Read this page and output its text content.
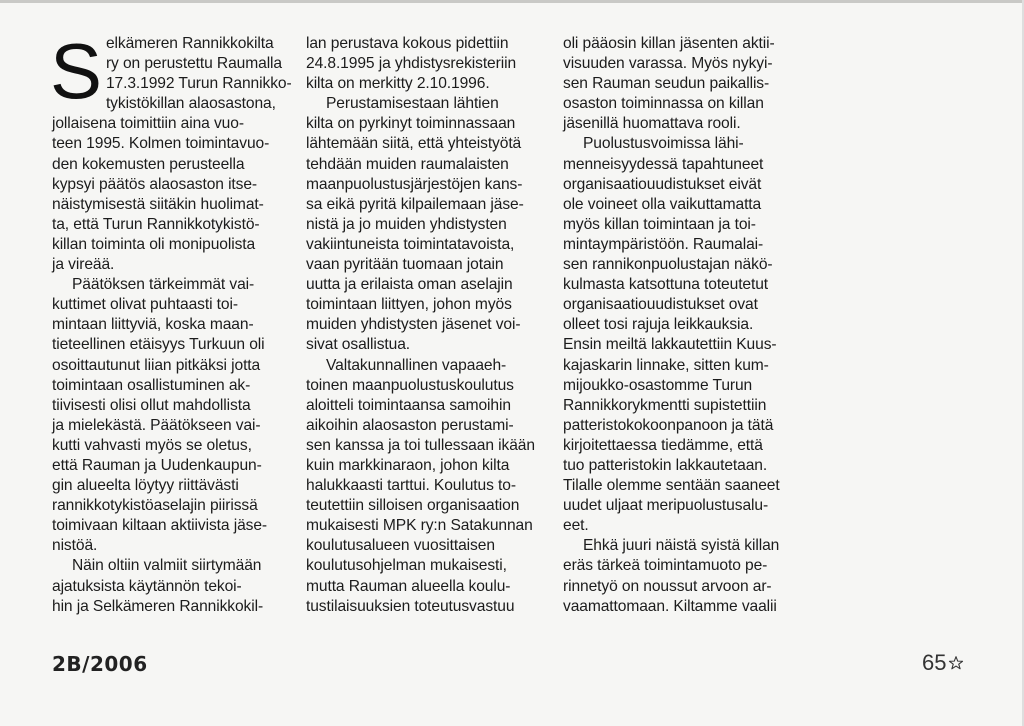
S elkämeren Rannikkokilta
ry on perustettu Raumalla
17.3.1992 Turun Rannikko-
tykistökillan alaosastona,
jollaisena toimittiin aina vuo-
teen 1995. Kolmen toimintavuo-
den kokemusten perusteella
kypsyi päätös alaosaston itse-
näistymisestä siitäkin huolimat-
ta, että Turun Rannikkotykistö-
killan toiminta oli monipuolista
ja vireää.
Päätöksen tärkeimmät vai-
kuttimet olivat puhtaasti toi-
mintaan liittyviä, koska maan-
tieteellinen etäisyys Turkuun oli
osoittautunut liian pitkäksi jotta
toimintaan osallistuminen ak-
tiivisesti olisi ollut mahdollista
ja mielekästä. Päätökseen vai-
kutti vahvasti myös se oletus,
että Rauman ja Uudenkaupun-
gin alueelta löytyy riittävästi
rannikkotykistöaselajin piirissä
toimivaan kiltaan aktiivista jäse-
nistöä.
Näin oltiin valmiit siirtymään
ajatuksista käytännön tekoi-
hin ja Selkämeren Rannikkokil-
lan perustava kokous pidettiin
24.8.1995 ja yhdistysrekisteriin
kilta on merkitty 2.10.1996.
Perustamisestaan lähtien
kilta on pyrkinyt toiminnassaan
lähtemään siitä, että yhteistyötä
tehdään muiden raumalaisten
maanpuolustusjärjestöjen kans-
sa eikä pyritä kilpailemaan jäse-
nistä ja jo muiden yhdistysten
vakiintuneista toimintatavoista,
vaan pyritään tuomaan jotain
uutta ja erilaista oman aselajin
toimintaan liittyen, johon myös
muiden yhdistysten jäsenet voi-
sivat osallistua.
Valtakunnallinen vapaaeh-
toinen maanpuolustuskoulutus
aloitteli toimintaansa samoihin
aikoihin alaosaston perustami-
sen kanssa ja toi tullessaan ikään
kuin markkinaraon, johon kilta
halukkaasti tarttui. Koulutus to-
teutettiin silloisen organisaation
mukaisesti MPK ry:n Satakunnan
koulutusalueen vuosittaisen
koulutusohjelman mukaisesti,
mutta Rauman alueella koulu-
tustilaisuuksien toteutusvastuu
oli pääosin killan jäsenten aktii-
visuuden varassa. Myös nykyi-
sen Rauman seudun paikallis-
osaston toiminnassa on killan
jäsenillä huomattava rooli.
Puolustusvoimissa lähi-
menneisyydessä tapahtuneet
organisaatiouudistukset eivät
ole voineet olla vaikuttamatta
myös killan toimintaan ja toi-
mintaympäristöön. Raumalai-
sen rannikonpuolustajan näkö-
kulmasta katsottuna toteutetut
organisaatiouudistukset ovat
olleet tosi rajuja leikkauksia.
Ensin meiltä lakkautettiin Kuus-
kajaskarin linnake, sitten kum-
mijoukko-osastomme Turun
Rannikkorykmentti supistettiin
patteristokokoonpanoon ja tätä
kirjoitettaessa tiedämme, että
tuo patteristokin lakkautetaan.
Tilalle olemme sentään saaneet
uudet uljaat meripuolustusalu-
eet.
Ehkä juuri näistä syistä killan
eräs tärkeä toimintamuoto pe-
rinnetyö on noussut arvoon ar-
vaamattomaan. Kiltamme vaalii
2B/2006	65
